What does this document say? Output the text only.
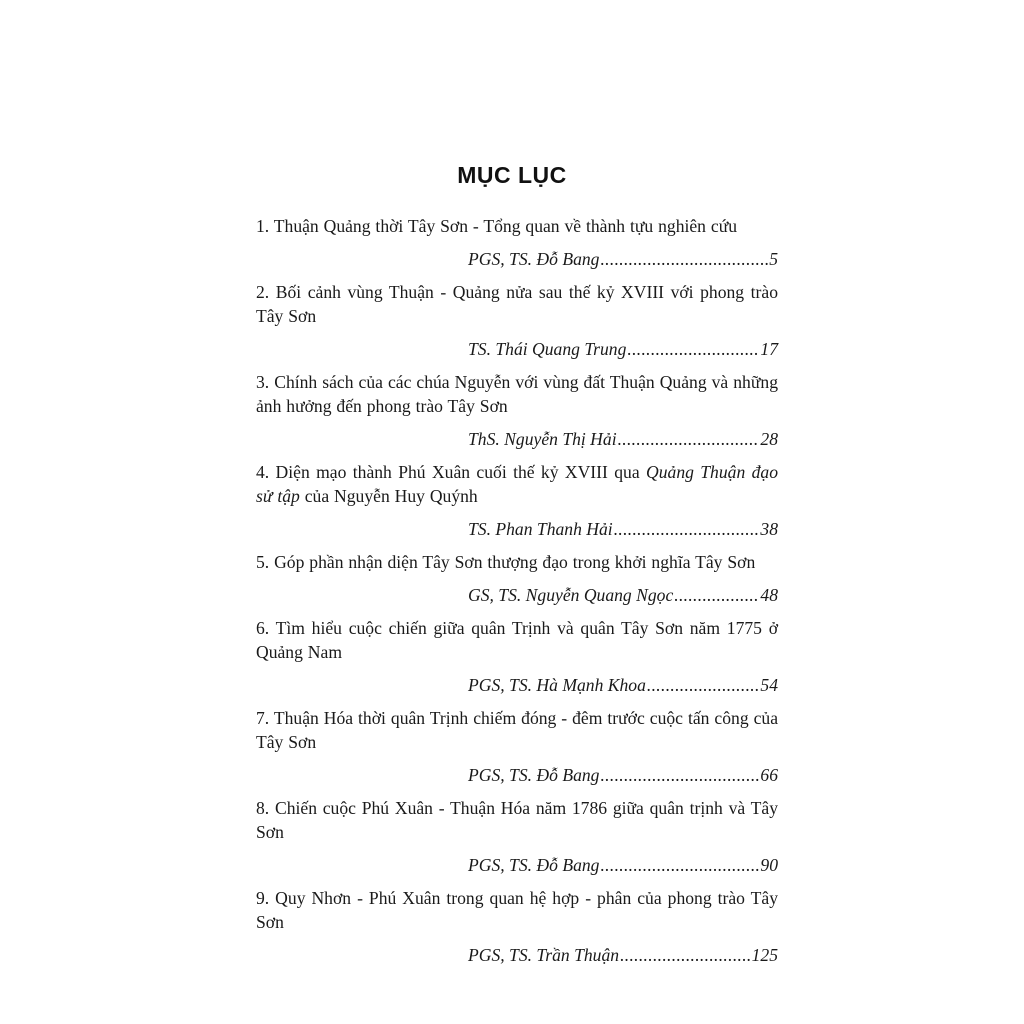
MỤC LỤC
1. Thuận Quảng thời Tây Sơn - Tổng quan về thành tựu nghiên cứu
PGS, TS. Đỗ Bang .....	5
2. Bối cảnh vùng Thuận - Quảng nửa sau thế kỷ XVIII với phong trào Tây Sơn
TS. Thái Quang Trung .....	17
3. Chính sách của các chúa Nguyễn với vùng đất Thuận Quảng và những ảnh hưởng đến phong trào Tây Sơn
ThS. Nguyễn Thị Hải .....	28
4. Diện mạo thành Phú Xuân cuối thế kỷ XVIII qua Quảng Thuận đạo sử tập của Nguyễn Huy Quýnh
TS. Phan Thanh Hải .....	38
5. Góp phần nhận diện Tây Sơn thượng đạo trong khởi nghĩa Tây Sơn
GS, TS. Nguyễn Quang Ngọc .....	48
6. Tìm hiểu cuộc chiến giữa quân Trịnh và quân Tây Sơn năm 1775 ở Quảng Nam
PGS, TS. Hà Mạnh Khoa .....	54
7. Thuận Hóa thời quân Trịnh chiếm đóng - đêm trước cuộc tấn công của Tây Sơn
PGS, TS. Đỗ Bang .....	66
8. Chiến cuộc Phú Xuân - Thuận Hóa năm 1786 giữa quân trịnh và Tây Sơn
PGS, TS. Đỗ Bang .....	90
9. Quy Nhơn - Phú Xuân trong quan hệ hợp - phân của phong trào Tây Sơn
PGS, TS. Trần Thuận .....	125
